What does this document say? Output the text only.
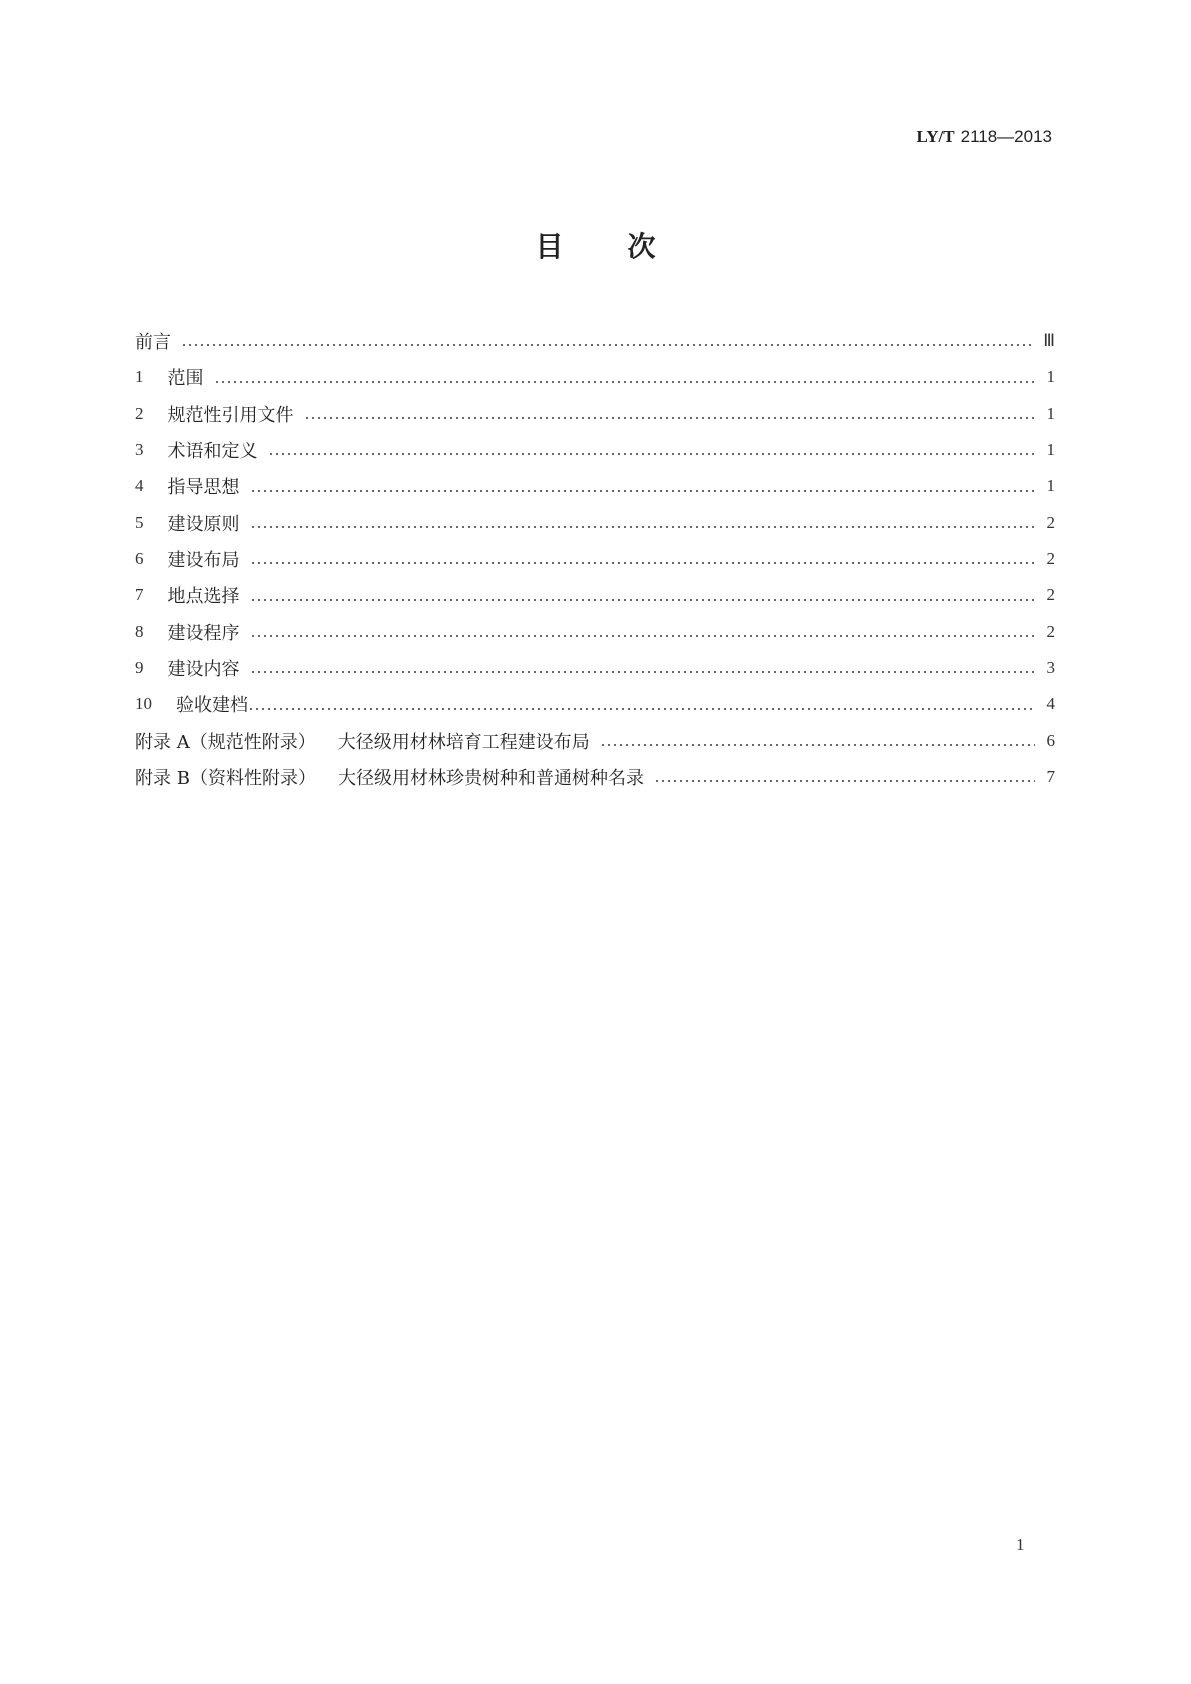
LY/T 2118—2013
目 次
前言	Ⅲ
1 范围	1
2 规范性引用文件	1
3 术语和定义	1
4 指导思想	1
5 建设原则	2
6 建设布局	2
7 地点选择	2
8 建设程序	2
9 建设内容	3
10 验收建档	4
附录 A（规范性附录） 大径级用材林培育工程建设布局	6
附录 B（资料性附录） 大径级用材林珍贵树种和普通树种名录	7
1
